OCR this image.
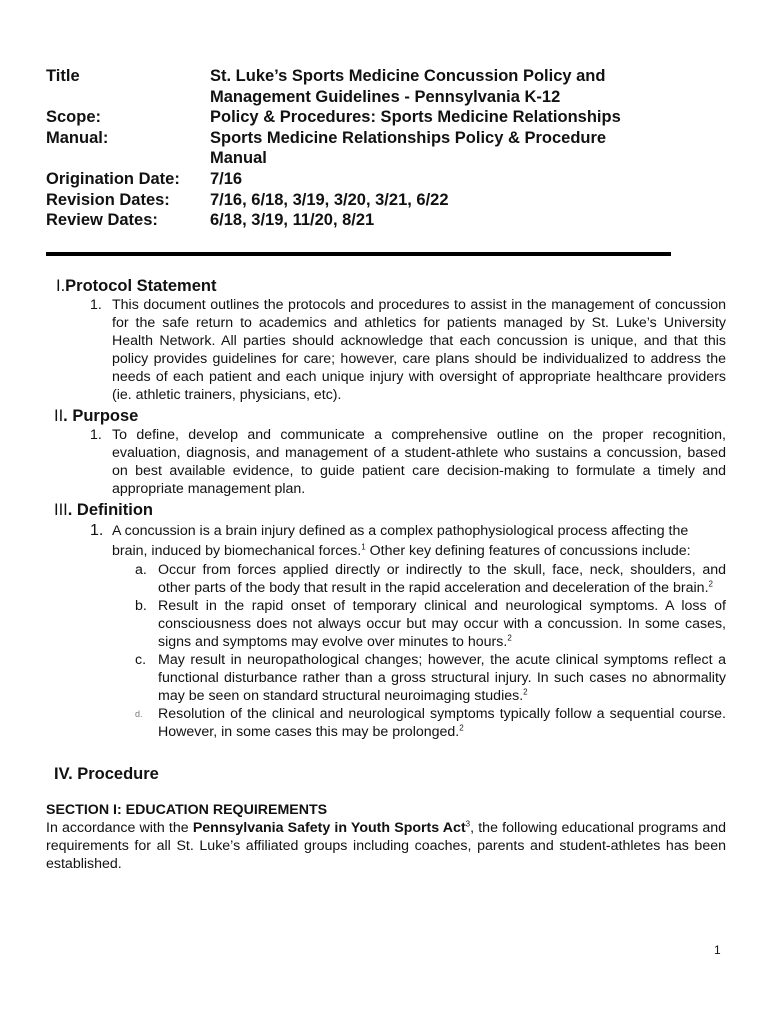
Title	St. Luke’s Sports Medicine Concussion Policy and
Management Guidelines - Pennsylvania K-12
Scope:	Policy & Procedures: Sports Medicine Relationships
Manual:	Sports Medicine Relationships Policy & Procedure
Manual
Origination Date:	7/16
Revision Dates:	7/16, 6/18, 3/19, 3/20, 3/21, 6/22
Review Dates:	6/18, 3/19, 11/20, 8/21
I.Protocol Statement
1. This document outlines the protocols and procedures to assist in the management of concussion for the safe return to academics and athletics for patients managed by St. Luke’s University Health Network. All parties should acknowledge that each concussion is unique, and that this policy provides guidelines for care; however, care plans should be individualized to address the needs of each patient and each unique injury with oversight of appropriate healthcare providers (ie. athletic trainers, physicians, etc).
II. Purpose
1. To define, develop and communicate a comprehensive outline on the proper recognition, evaluation, diagnosis, and management of a student-athlete who sustains a concussion, based on best available evidence, to guide patient care decision-making to formulate a timely and appropriate management plan.
III. Definition
1. A concussion is a brain injury defined as a complex pathophysiological process affecting the brain, induced by biomechanical forces.$^1$ Other key defining features of concussions include:
a. Occur from forces applied directly or indirectly to the skull, face, neck, shoulders, and other parts of the body that result in the rapid acceleration and deceleration of the brain.$^2$
b. Result in the rapid onset of temporary clinical and neurological symptoms. A loss of consciousness does not always occur but may occur with a concussion. In some cases, signs and symptoms may evolve over minutes to hours.$^2$
c. May result in neuropathological changes; however, the acute clinical symptoms reflect a functional disturbance rather than a gross structural injury. In such cases no abnormality may be seen on standard structural neuroimaging studies.$^2$
d.	Resolution of the clinical and neurological symptoms typically follow a sequential course. However, in some cases this may be prolonged.$^2$
IV. Procedure
SECTION I: EDUCATION REQUIREMENTS
In accordance with the Pennsylvania Safety in Youth Sports Act$^3$, the following educational programs and requirements for all St. Luke’s affiliated groups including coaches, parents and student-athletes has been established.
1
